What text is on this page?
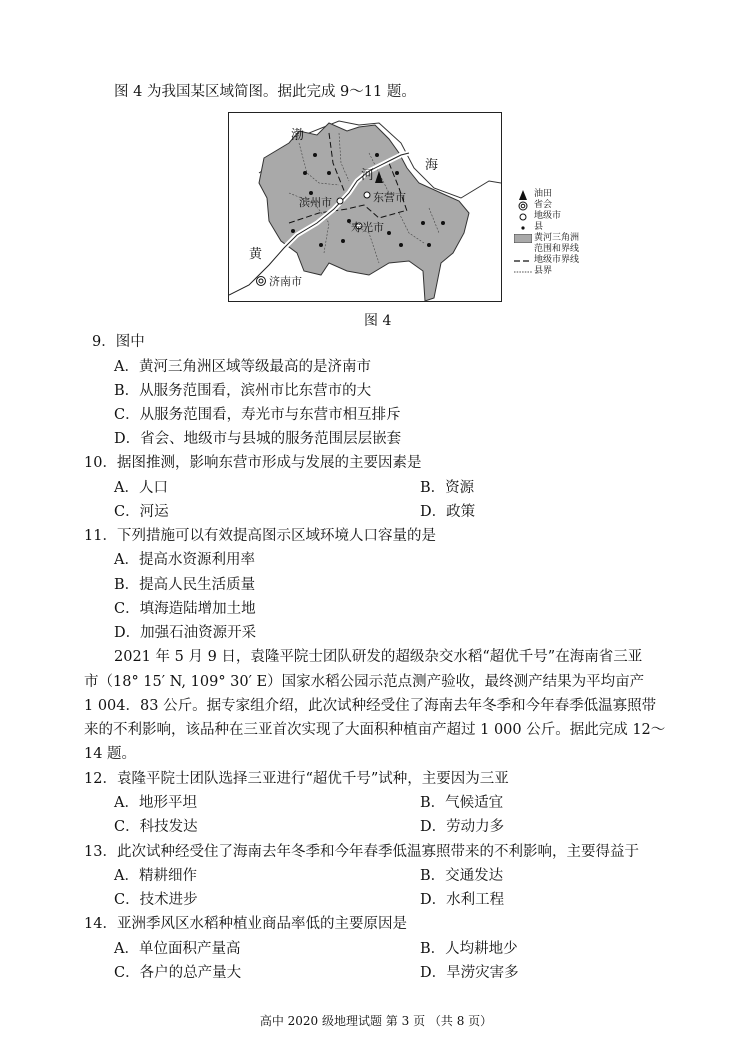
图 4 为我国某区域简图。据此完成 9～11 题。
渤
海
河
黄
滨州市	东营市
寿光市
济南市
油田
省会
地级市
县
黄河三角洲范围和界线
地级市界线
县界
图 4
9．图中
A．黄河三角洲区域等级最高的是济南市
B．从服务范围看，滨州市比东营市的大
C．从服务范围看，寿光市与东营市相互排斥
D．省会、地级市与县城的服务范围层层嵌套
10．据图推测，影响东营市形成与发展的主要因素是
A．人口	B．资源
C．河运	D．政策
11．下列措施可以有效提高图示区域环境人口容量的是
A．提高水资源利用率
B．提高人民生活质量
C．填海造陆增加土地
D．加强石油资源开采
2021 年 5 月 9 日，袁隆平院士团队研发的超级杂交水稻“超优千号”在海南省三亚
市（18° 15′ N, 109° 30′ E）国家水稻公园示范点测产验收，最终测产结果为平均亩产
1 004．83 公斤。据专家组介绍，此次试种经受住了海南去年冬季和今年春季低温寡照带
来的不利影响，该品种在三亚首次实现了大面积种植亩产超过 1 000 公斤。据此完成 12～
14 题。
12．袁隆平院士团队选择三亚进行“超优千号”试种，主要因为三亚
A．地形平坦	B．气候适宜
C．科技发达	D．劳动力多
13．此次试种经受住了海南去年冬季和今年春季低温寡照带来的不利影响，主要得益于
A．精耕细作	B．交通发达
C．技术进步	D．水利工程
14．亚洲季风区水稻种植业商品率低的主要原因是
A．单位面积产量高	B．人均耕地少
C．各户的总产量大	D．旱涝灾害多
高中 2020 级地理试题 第 3 页 （共 8 页）
